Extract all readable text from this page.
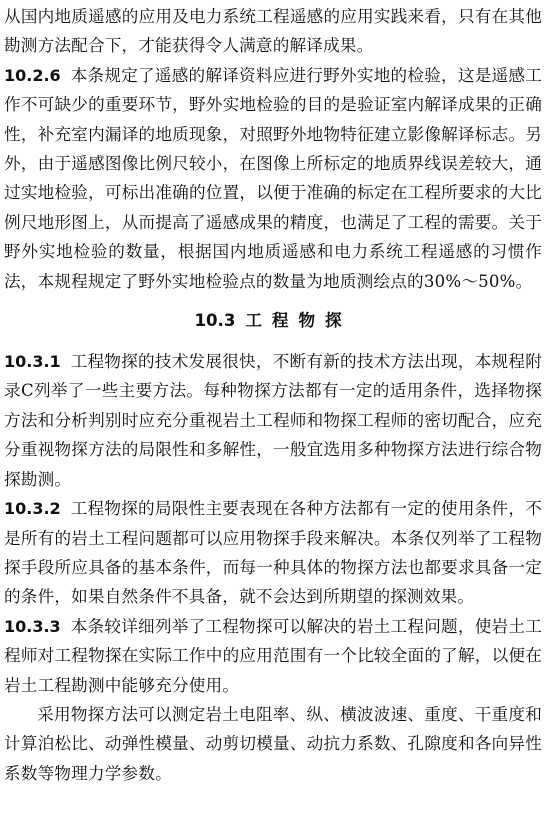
从国内地质遥感的应用及电力系统工程遥感的应用实践来看，只有在其他勘测方法配合下，才能获得令人满意的解译成果。

10.2.6 本条规定了遥感的解译资料应进行野外实地的检验，这是遥感工作不可缺少的重要环节，野外实地检验的目的是验证室内解译成果的正确性，补充室内漏译的地质现象，对照野外地物特征建立影像解译标志。另外，由于遥感图像比例尺较小，在图像上所标定的地质界线误差较大，通过实地检验，可标出准确的位置，以便于准确的标定在工程所要求的大比例尺地形图上，从而提高了遥感成果的精度，也满足了工程的需要。关于野外实地检验的数量，根据国内地质遥感和电力系统工程遥感的习惯作法，本规程规定了野外实地检验点的数量为地质测绘点的30%～50%。

10.3 工程物探

10.3.1 工程物探的技术发展很快，不断有新的技术方法出现，本规程附录C列举了一些主要方法。每种物探方法都有一定的适用条件，选择物探方法和分析判别时应充分重视岩土工程师和物探工程师的密切配合，应充分重视物探方法的局限性和多解性，一般宜选用多种物探方法进行综合物探勘测。

10.3.2 工程物探的局限性主要表现在各种方法都有一定的使用条件，不是所有的岩土工程问题都可以应用物探手段来解决。本条仅列举了工程物探手段所应具备的基本条件，而每一种具体的物探方法也都要求具备一定的条件，如果自然条件不具备，就不会达到所期望的探测效果。

10.3.3 本条较详细列举了工程物探可以解决的岩土工程问题，使岩土工程师对工程物探在实际工作中的应用范围有一个比较全面的了解，以便在岩土工程勘测中能够充分使用。

采用物探方法可以测定岩土电阻率、纵、横波波速、重度、干重度和计算泊松比、动弹性模量、动剪切模量、动抗力系数、孔隙度和各向异性系数等物理力学参数。
